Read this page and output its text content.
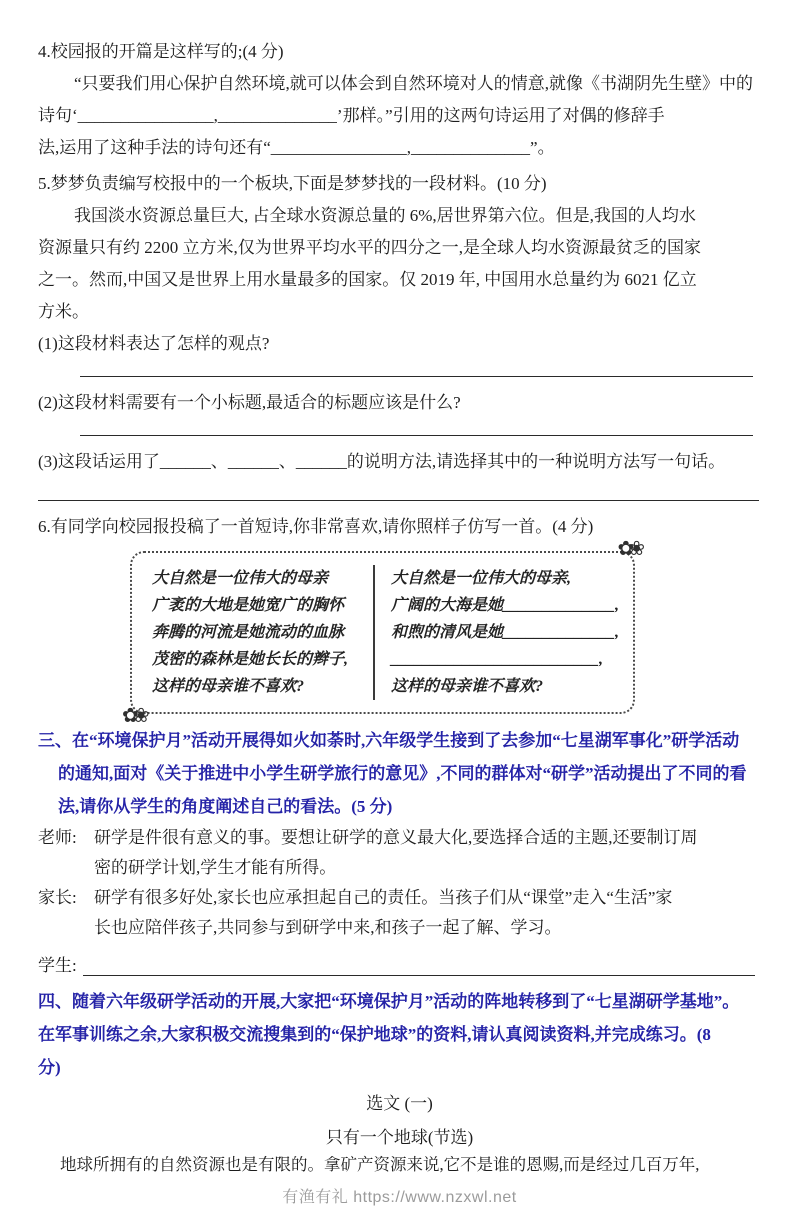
4.校园报的开篇是这样写的;(4 分)
“只要我们用心保护自然环境,就可以体会到自然环境对人的情意,就像《书湖阴先生壁》中的
诗句‘________________,______________’那样。”引用的这两句诗运用了对偶的修辞手
法,运用了这种手法的诗句还有“________________,______________”。
5.梦梦负责编写校报中的一个板块,下面是梦梦找的一段材料。(10 分)
我国淡水资源总量巨大, 占全球水资源总量的 6%,居世界第六位。但是,我国的人均水
资源量只有约 2200 立方米,仅为世界平均水平的四分之一,是全球人均水资源最贫乏的国家
之一。然而,中国又是世界上用水量最多的国家。仅 2019 年, 中国用水总量约为 6021 亿立
方米。
(1)这段材料表达了怎样的观点?
(2)这段材料需要有一个小标题,最适合的标题应该是什么?
(3)这段话运用了______、______、______的说明方法,请选择其中的一种说明方法写一句话。
6.有同学向校园报投稿了一首短诗,你非常喜欢,请你照样子仿写一首。(4 分)
大自然是一位伟大的母亲
广袤的大地是她宽广的胸怀
奔腾的河流是她流动的血脉
茂密的森林是她长长的辫子,
这样的母亲谁不喜欢?
大自然是一位伟大的母亲,
广阔的大海是她______________,
和煦的清风是她______________,
__________________________,
这样的母亲谁不喜欢?
✿❀
✿❀
三、在“环境保护月”活动开展得如火如荼时,六年级学生接到了去参加“七星湖军事化”研学活动
的通知,面对《关于推进中小学生研学旅行的意见》,不同的群体对“研学”活动提出了不同的看
法,请你从学生的角度阐述自己的看法。(5 分)
老师:	研学是件很有意义的事。要想让研学的意义最大化,要选择合适的主题,还要制订周
密的研学计划,学生才能有所得。
家长:	研学有很多好处,家长也应承担起自己的责任。当孩子们从“课堂”走入“生活”家
长也应陪伴孩子,共同参与到研学中来,和孩子一起了解、学习。
学生:
四、随着六年级研学活动的开展,大家把“环境保护月”活动的阵地转移到了“七星湖研学基地”。
在军事训练之余,大家积极交流搜集到的“保护地球”的资料,请认真阅读资料,并完成练习。(8
分)
选文 (一)
只有一个地球(节选)
地球所拥有的自然资源也是有限的。拿矿产资源来说,它不是谁的恩赐,而是经过几百万年,
有渔有礼 https://www.nzxwl.net
